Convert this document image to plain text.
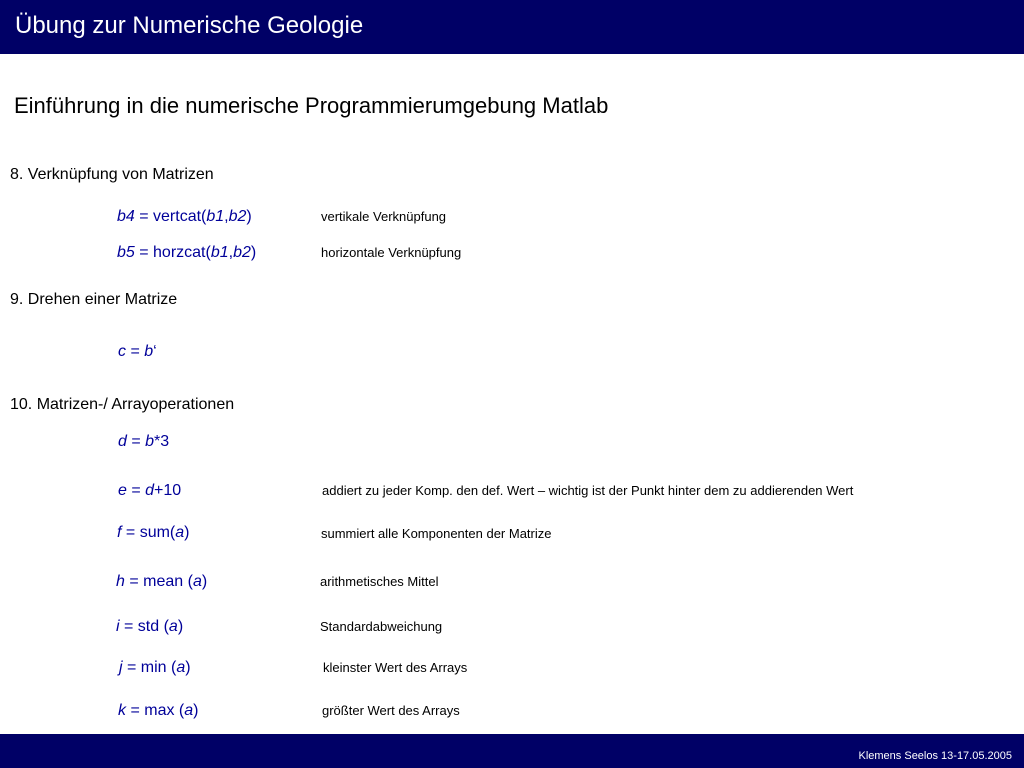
Übung zur Numerische Geologie
Einführung in die numerische Programmierumgebung Matlab
8. Verknüpfung von Matrizen
b4 = vertcat(b1,b2)	vertikale Verknüpfung
b5 = horzcat(b1,b2)	horizontale Verknüpfung
9. Drehen einer Matrize
c = b‘
10. Matrizen-/ Arrayoperationen
d = b*3
e = d+10	addiert zu jeder Komp. den def. Wert – wichtig ist der Punkt hinter dem zu addierenden Wert
f = sum(a)	summiert alle Komponenten der Matrize
h = mean (a)	arithmetisches Mittel
i = std (a)	Standardabweichung
j = min (a)	kleinster Wert des Arrays
k = max (a)	größter Wert des Arrays
Klemens Seelos 13-17.05.2005
